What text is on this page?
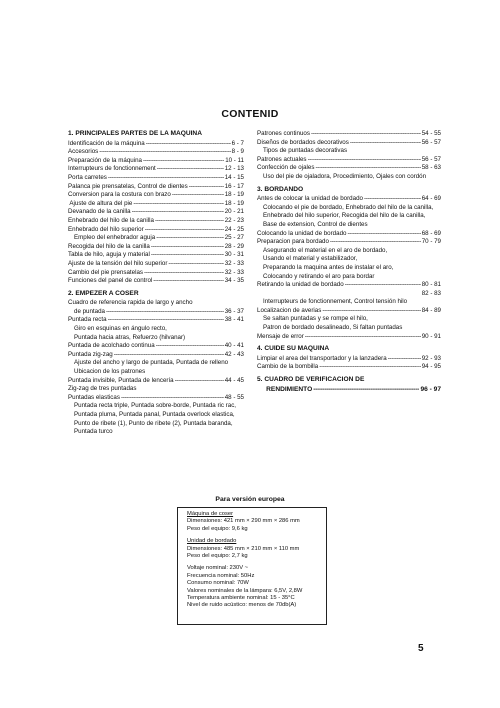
CONTENID
1. PRINCIPALES PARTES DE LA MAQUINA
Identificación de la máquina -----	6 - 7
Accesorios -----	8 - 9
Preparación de la máquina -----	10 - 11
Interrupteurs de fonctionnement -----	12 - 13
Porta carretes -----	14 - 15
Palanca pie prensatelas, Control de dientes -----	16 - 17
Conversion para la costura con brazo -----	18 - 19
Ajuste de altura del pie -----	18 - 19
Devanado de la canilla -----	20 - 21
Enhebrado del hilo de la canilla -----	22 - 23
Enhebrado del hilo superior -----	24 - 25
Empleo del enhebrador aguja -----	25 - 27
Recogida del hilo de la canilla -----	28 - 29
Tabla de hilo, aguja y material -----	30 - 31
Ajuste de la tensión del hilo superior -----	32 - 33
Cambio del pie prensatelas -----	32 - 33
Funciones del panel de control -----	34 - 35
2. EMPEZER A COSER
Cuadro de referencia rapida de largo y ancho
de puntada -----	36 - 37
Puntada recta -----	38 - 41
Giro en esquinas en ángulo recto,
Puntada hacia atras, Refuerzo (hilvanar)
Puntada de acolchado continua -----	40 - 41
Puntada zig-zag -----	42 - 43
Ajuste del ancho y largo de puntada, Puntada de relleno
Ubicacion de los patrones
Puntada invisible, Puntada de lencería -----	44 - 45
Zig-zag de tres puntadas
Puntadas elasticas -----	48 - 55
Puntada recta triple, Puntada sobre-borde, Puntada ric rac,
Puntada pluma, Puntada panal, Puntada overlock elastica,
Punto de ribete (1), Punto de ribete (2), Puntada baranda,
Puntada turco
Patrones continuos -----	54 - 55
Diseños de bordados decorativos -----	56 - 57
Tipos de puntadas decorativas
Patrones actuales -----	56 - 57
Confección de ojales -----	58 - 63
Uso del pie de ojaladora, Procedimiento, Ojales con cordón
3. BORDANDO
Antes de colocar la unidad de bordado -----	64 - 69
Colocando el pie de bordado, Enhebrado del hilo de la canilla,
Enhebrado del hilo superior, Recogida del hilo de la canilla,
Base de extension, Control de dientes
Colocando la unidad de bordado -----	68 - 69
Preparacion para bordado -----	70 - 79
Asegurando el material en el aro de bordado,
Usando el material y estabilizador,
Preparando la maquina antes de instalar el aro,
Colocando y retirando el aro para bordar
Retirando la unidad de bordado -----	80 - 81
82 - 83
Interrupteurs de fonctionnement, Control tensión hilo
Localizacion de averias -----	84 - 89
Se saltan puntadas y se rompe el hilo,
Patron de bordado desalineado, Si faltan puntadas
Mensaje de error -----	90 - 91
4. CUIDE SU MAQUINA
Limpiar el area del transportador y la lanzadera -----	92 - 93
Cambio de la bombilla -----	94 - 95
5. CUADRO DE VERIFICACION DE
RENDIMIENTO -----	96 - 97
Para versión europea
Máquina de coser
Dimensiones: 421 mm × 290 mm × 286 mm
Peso del equipo: 9,6 kg
Unidad de bordado
Dimensiones: 485 mm × 210 mm × 110 mm
Peso del equipo: 2,7 kg
Voltaje nominal: 230V ~
Frecuencia nominal: 50Hz
Consumo nominal: 70W
Valores nominales de la lámpara: 6,5V, 2,8W
Temperatura ambiente nominal: 15 - 35°C
Nivel de ruido acústico: menos de 70db(A)
5
